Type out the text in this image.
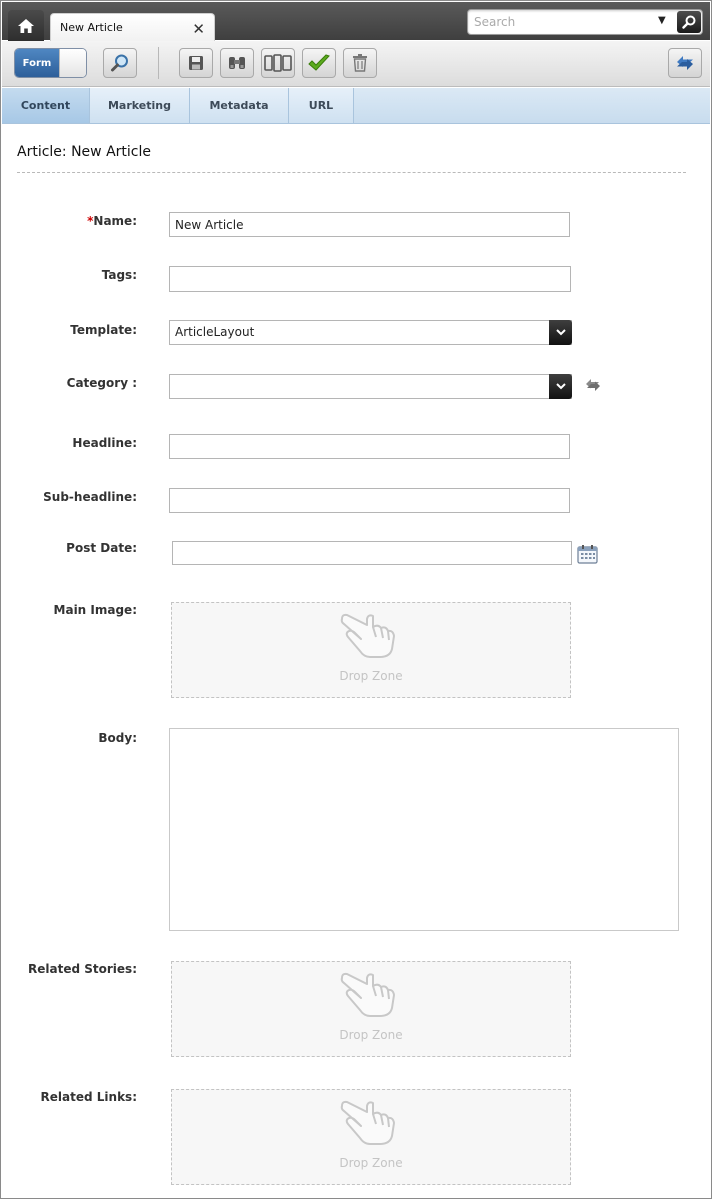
New Article	✕
Search	▼
Form
Content	Marketing	Metadata	URL
Article: New Article
*Name:
New Article
Tags:
Template:	ArticleLayout
Category :
Headline:
Sub-headline:
Post Date:
Main Image:
Drop Zone
Body:
Related Stories:
Drop Zone
Related Links:
Drop Zone
